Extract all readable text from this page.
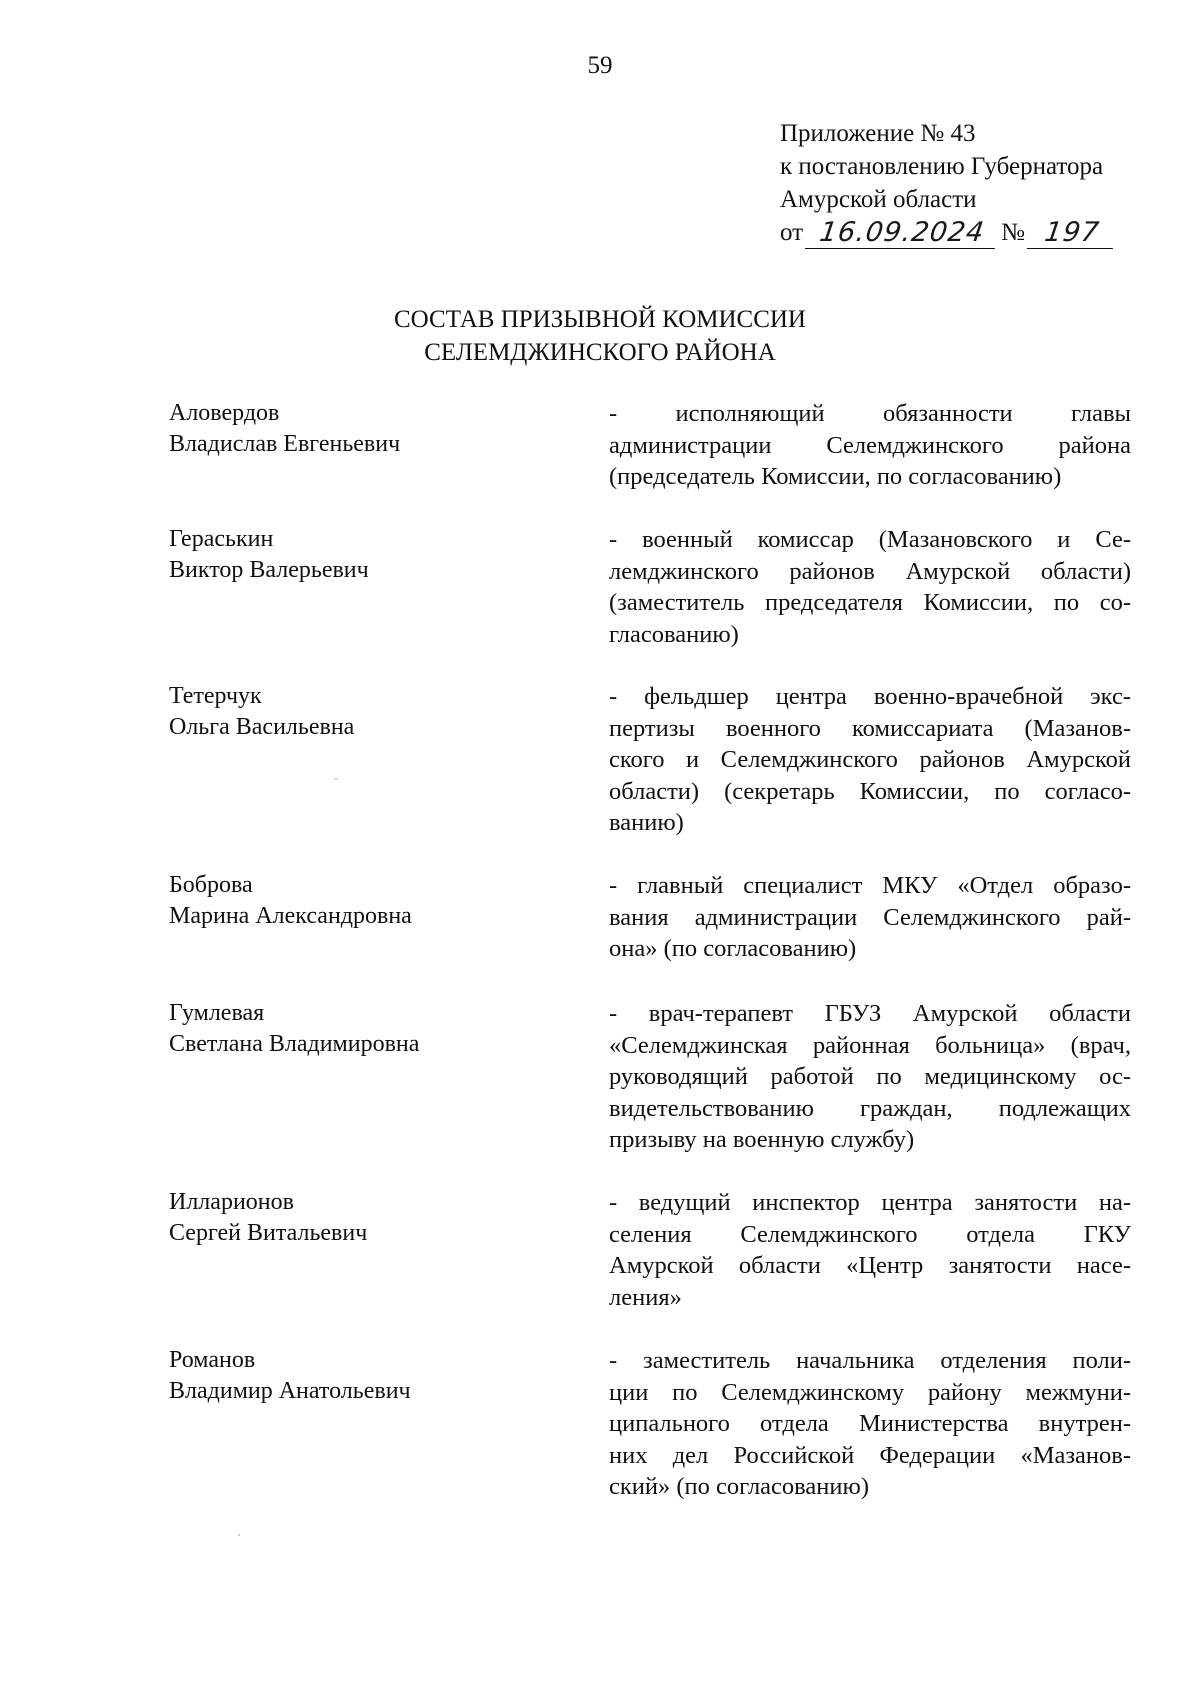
59
Приложение № 43
к постановлению Губернатора
Амурской области
от 16.09.2024 № 197
СОСТАВ ПРИЗЫВНОЙ КОМИССИИ
СЕЛЕМДЖИНСКОГО РАЙОНА
Аловердов
Владислав Евгеньевич
- исполняющий обязанности главы
администрации Селемджинского района
(председатель Комиссии, по согласованию)
Гераськин
Виктор Валерьевич
- военный комиссар (Мазановского и Се-
лемджинского районов Амурской области)
(заместитель председателя Комиссии, по со-
гласованию)
Тетерчук
Ольга Васильевна
- фельдшер центра военно-врачебной экс-
пертизы военного комиссариата (Мазанов-
ского и Селемджинского районов Амурской
области) (секретарь Комиссии, по согласо-
ванию)
Боброва
Марина Александровна
- главный специалист МКУ «Отдел образо-
вания администрации Селемджинского рай-
она» (по согласованию)
Гумлевая
Светлана Владимировна
- врач-терапевт ГБУЗ Амурской области
«Селемджинская районная больница» (врач,
руководящий работой по медицинскому ос-
видетельствованию граждан, подлежащих
призыву на военную службу)
Илларионов
Сергей Витальевич
- ведущий инспектор центра занятости на-
селения Селемджинского отдела ГКУ
Амурской области «Центр занятости насе-
ления»
Романов
Владимир Анатольевич
- заместитель начальника отделения поли-
ции по Селемджинскому району межмуни-
ципального отдела Министерства внутрен-
них дел Российской Федерации «Мазанов-
ский» (по согласованию)
